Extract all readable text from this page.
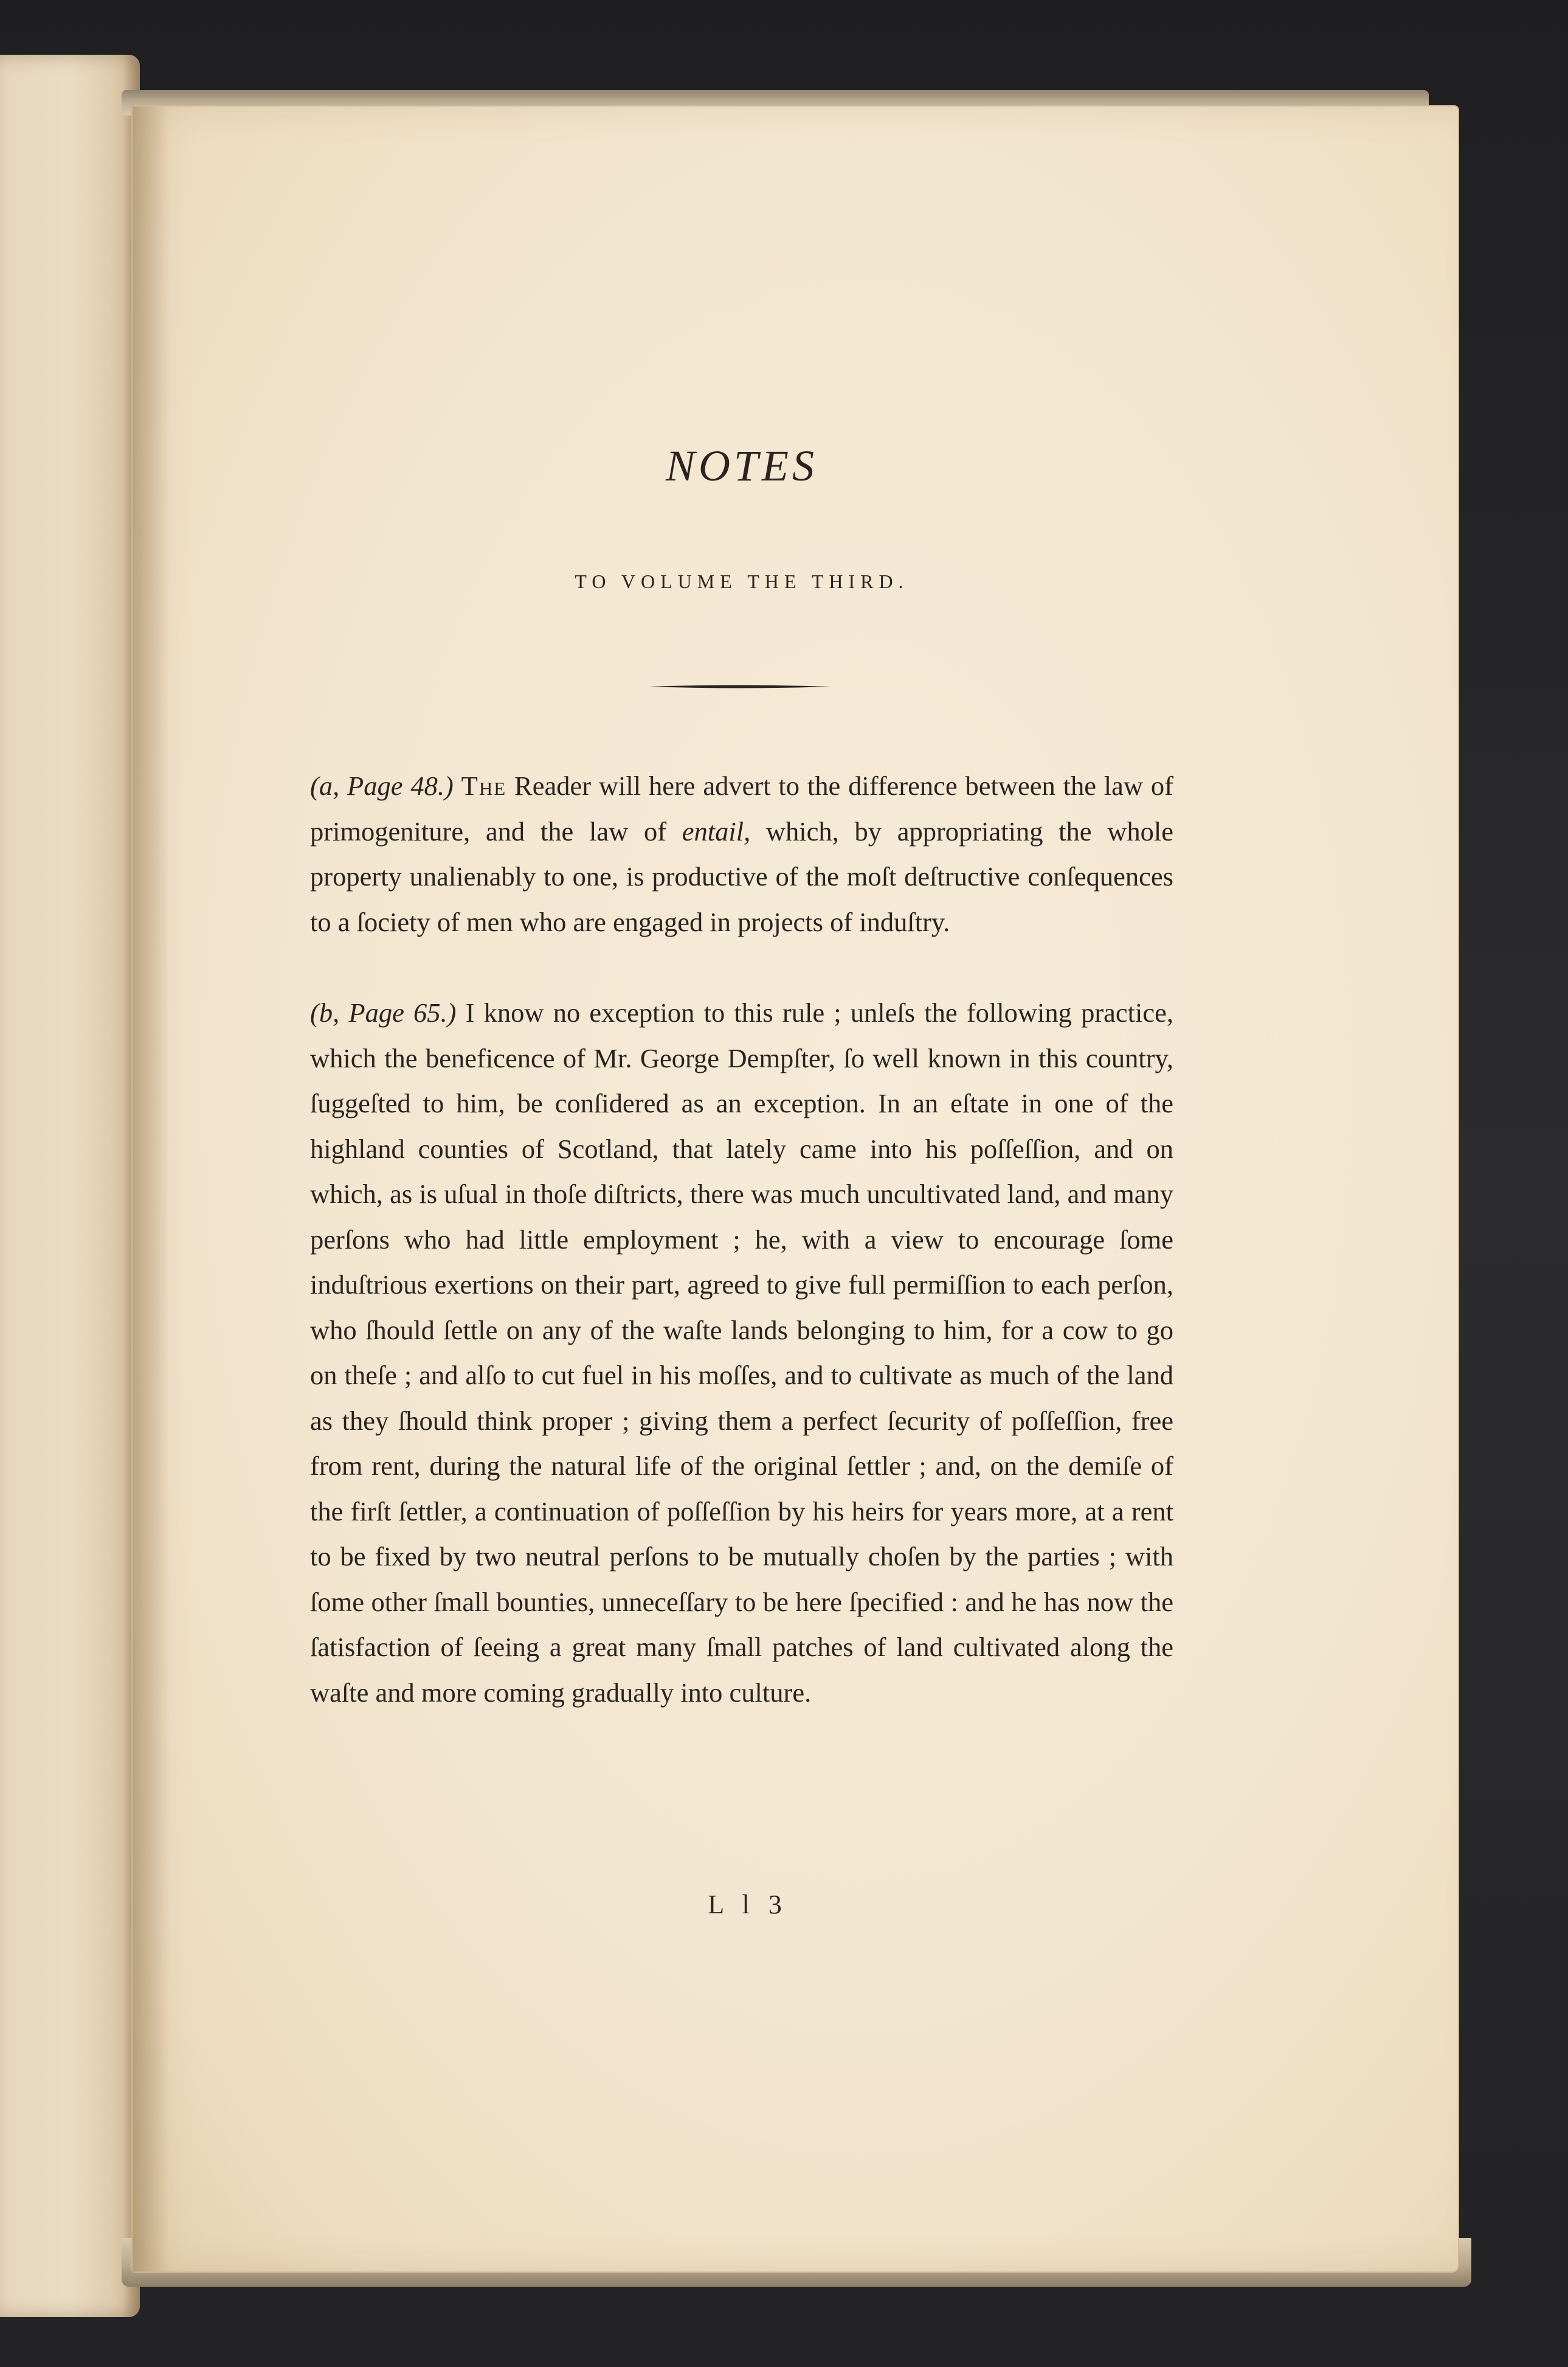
NOTES
TO VOLUME THE THIRD.

(a, Page 48.) The Reader will here advert to the difference between the law of primogeniture, and the law of entail, which, by appropriating the whole property unalienably to one, is productive of the moſt deſtructive conſequences to a ſociety of men who are engaged in projects of induſtry.

(b, Page 65.) I know no exception to this rule ; unleſs the following practice, which the beneficence of Mr. George Dempſter, ſo well known in this country, ſuggeſted to him, be conſidered as an exception. In an eſtate in one of the highland counties of Scotland, that lately came into his poſſeſſion, and on which, as is uſual in thoſe diſtricts, there was much uncultivated land, and many perſons who had little employment ; he, with a view to encourage ſome induſtrious exertions on their part, agreed to give full permiſſion to each perſon, who ſhould ſettle on any of the waſte lands belonging to him, for a cow to go on theſe ; and alſo to cut fuel in his moſſes, and to cultivate as much of the land as they ſhould think proper ; giving them a perfect ſecurity of poſſeſſion, free from rent, during the natural life of the original ſettler ; and, on the demiſe of the firſt ſettler, a continuation of poſſeſſion by his heirs for years more, at a rent to be fixed by two neutral perſons to be mutually choſen by the parties ; with ſome other ſmall bounties, unneceſſary to be here ſpecified : and he has now the ſatisfaction of ſeeing a great many ſmall patches of land cultivated along the waſte and more coming gradually into culture.

L l 3
